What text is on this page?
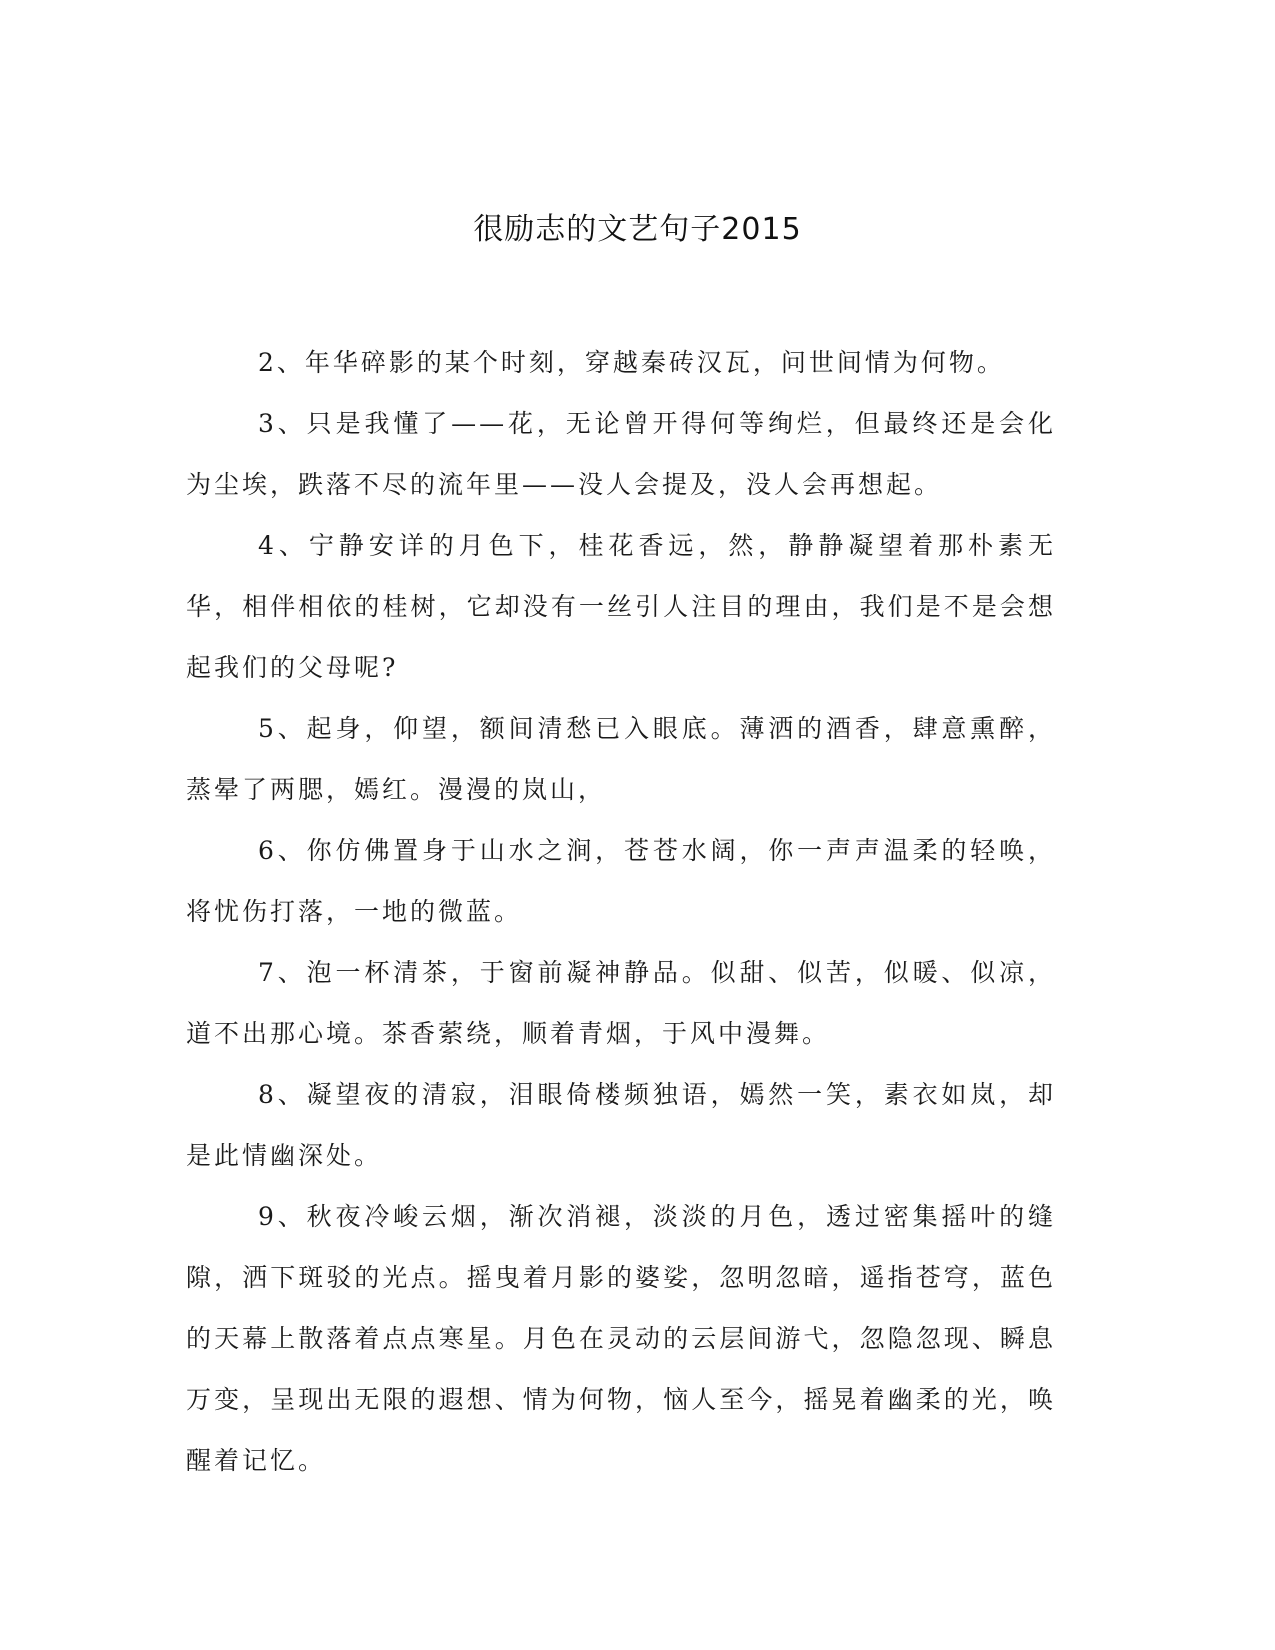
很励志的文艺句子2015

2、年华碎影的某个时刻，穿越秦砖汉瓦，问世间情为何物。

3、只是我懂了——花，无论曾开得何等绚烂，但最终还是会化为尘埃，跌落不尽的流年里——没人会提及，没人会再想起。

4、宁静安详的月色下，桂花香远，然，静静凝望着那朴素无华，相伴相依的桂树，它却没有一丝引人注目的理由，我们是不是会想起我们的父母呢?

5、起身，仰望，额间清愁已入眼底。薄洒的酒香，肆意熏醉，蒸晕了两腮，嫣红。漫漫的岚山，

6、你仿佛置身于山水之涧，苍苍水阔，你一声声温柔的轻唤，将忧伤打落，一地的微蓝。

7、泡一杯清茶，于窗前凝神静品。似甜、似苦，似暖、似凉，道不出那心境。茶香萦绕，顺着青烟，于风中漫舞。

8、凝望夜的清寂，泪眼倚楼频独语，嫣然一笑，素衣如岚，却是此情幽深处。

9、秋夜冷峻云烟，渐次消褪，淡淡的月色，透过密集摇叶的缝隙，洒下斑驳的光点。摇曳着月影的婆娑，忽明忽暗，遥指苍穹，蓝色的天幕上散落着点点寒星。月色在灵动的云层间游弋，忽隐忽现、瞬息万变，呈现出无限的遐想、情为何物，恼人至今，摇晃着幽柔的光，唤醒着记忆。
